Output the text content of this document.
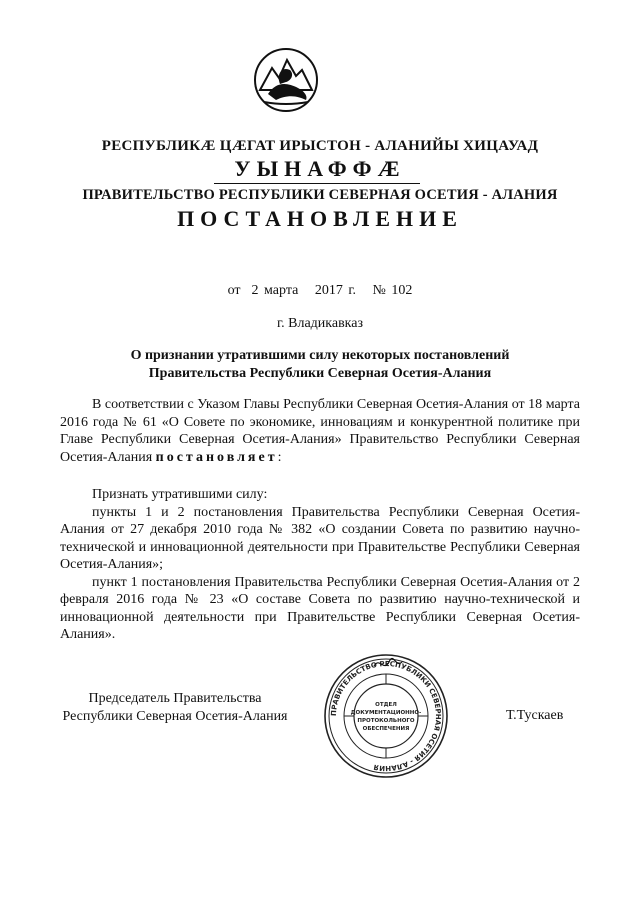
РЕСПУБЛИКӔ ЦӔГАТ ИРЫСТОН - АЛАНИЙЫ ХИЦАУАД
УЫНАФФӔ
ПРАВИТЕЛЬСТВО РЕСПУБЛИКИ СЕВЕРНАЯ ОСЕТИЯ - АЛАНИЯ
ПОСТАНОВЛЕНИЕ
от 2 марта 2017 г. № 102
г. Владикавказ
О признании утратившими силу некоторых постановлений
Правительства Республики Северная Осетия-Алания

В соответствии с Указом Главы Республики Северная Осетия-Алания от 18 марта 2016 года № 61 «О Совете по экономике, инновациям и конкурентной политике при Главе Республики Северная Осетия-Алания» Правительство Республики Северная Осетия-Алания постановляет:

Признать утратившими силу:

пункты 1 и 2 постановления Правительства Республики Северная Осетия-Алания от 27 декабря 2010 года № 382 «О создании Совета по развитию научно-технической и инновационной деятельности при Правительстве Республики Северная Осетия-Алания»;

пункт 1 постановления Правительства Республики Северная Осетия-Алания от 2 февраля 2016 года № 23 «О составе Совета по развитию научно-технической и инновационной деятельности при Правительстве Республики Северная Осетия-Алания».

Председатель Правительства
Республики Северная Осетия-Алания	ПРАВИТЕЛЬСТВО РЕСПУБЛИКИ СЕВЕРНАЯ ОСЕТИЯ - АЛАНИЯ
ОТДЕЛ
ДОКУМЕНТАЦИОННО-
ПРОТОКОЛЬНОГО
ОБЕСПЕЧЕНИЯ
Т.Тускаев
